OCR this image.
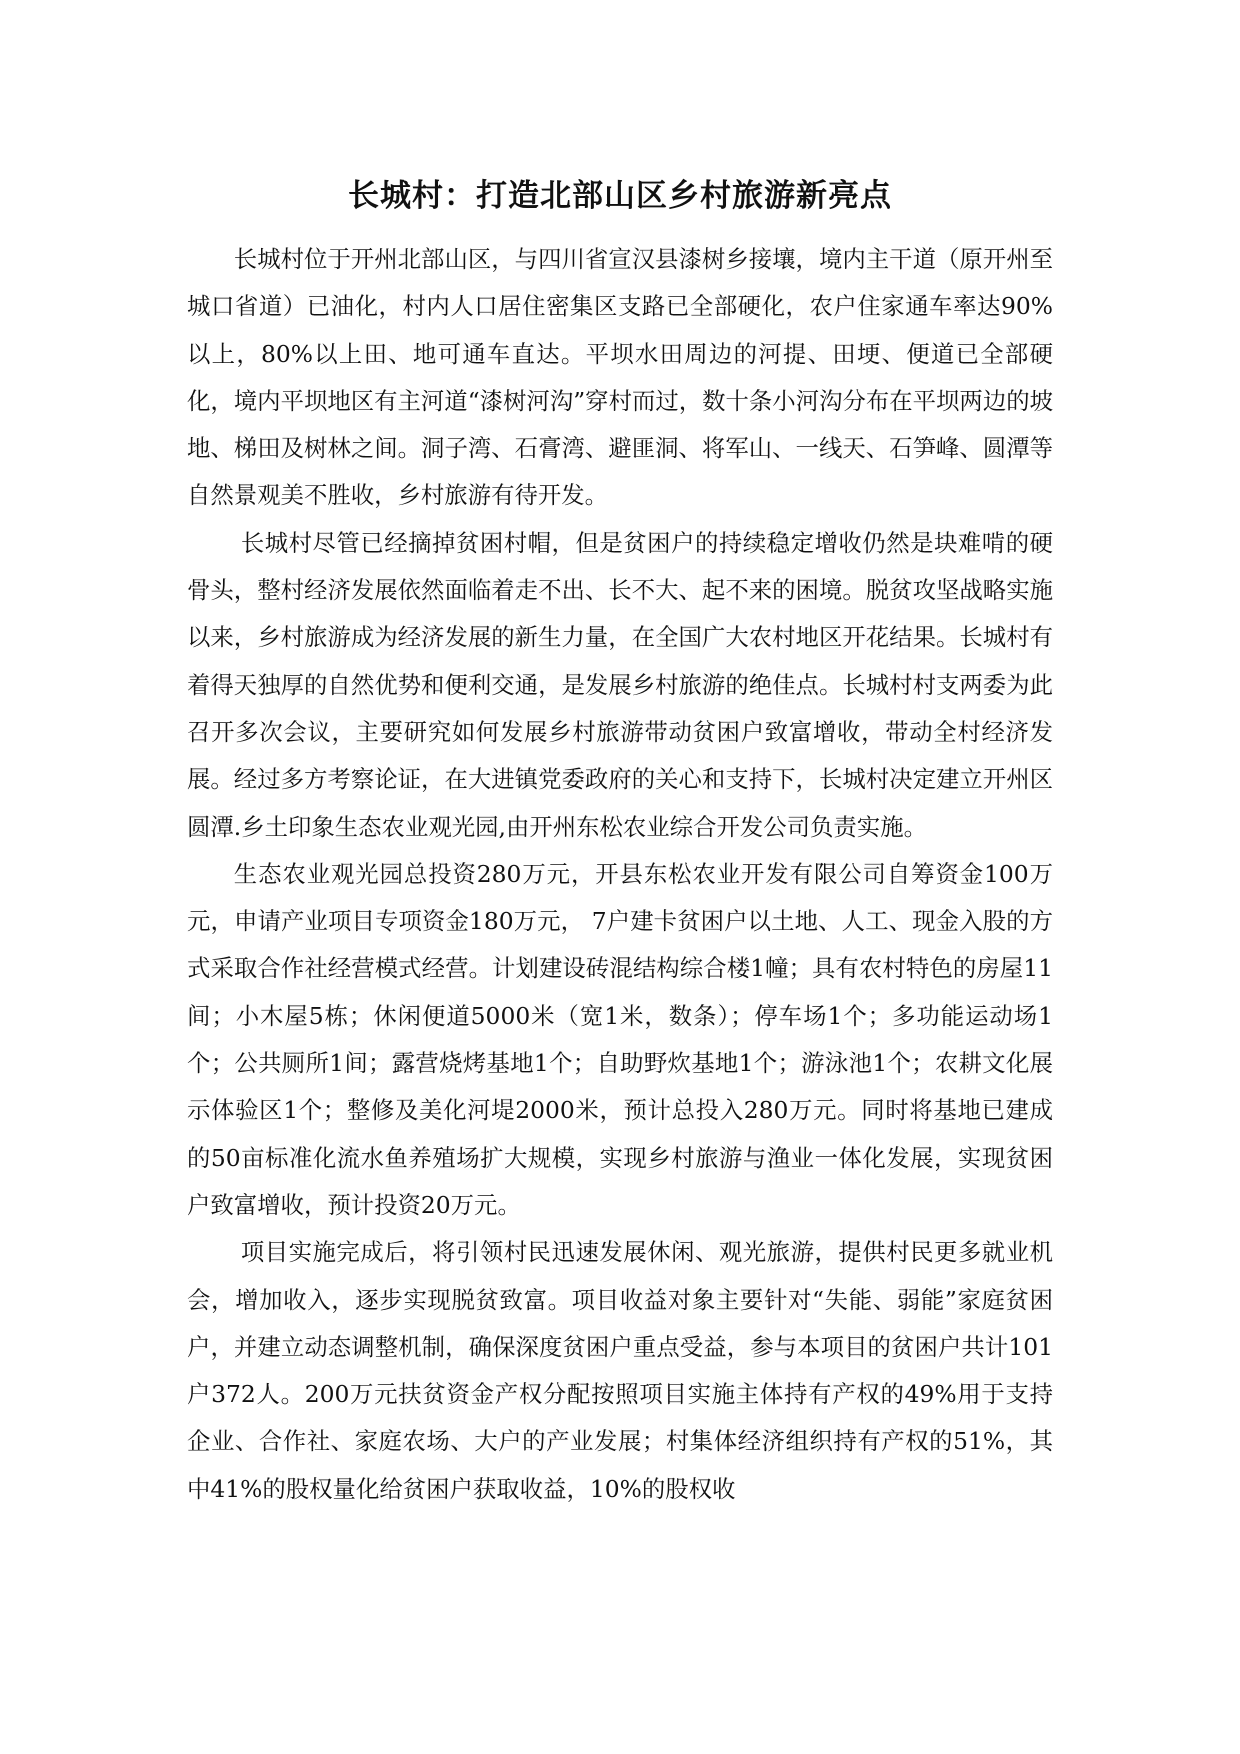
长城村：打造北部山区乡村旅游新亮点

长城村位于开州北部山区，与四川省宣汉县漆树乡接壤，境内主干道（原开州至城口省道）已油化，村内人口居住密集区支路已全部硬化，农户住家通车率达90%以上，80%以上田、地可通车直达。平坝水田周边的河提、田埂、便道已全部硬化，境内平坝地区有主河道“漆树河沟”穿村而过，数十条小河沟分布在平坝两边的坡地、梯田及树林之间。洞子湾、石膏湾、避匪洞、将军山、一线天、石笋峰、圆潭等自然景观美不胜收，乡村旅游有待开发。

长城村尽管已经摘掉贫困村帽，但是贫困户的持续稳定增收仍然是块难啃的硬骨头，整村经济发展依然面临着走不出、长不大、起不来的困境。脱贫攻坚战略实施以来，乡村旅游成为经济发展的新生力量，在全国广大农村地区开花结果。长城村有着得天独厚的自然优势和便利交通，是发展乡村旅游的绝佳点。长城村村支两委为此召开多次会议，主要研究如何发展乡村旅游带动贫困户致富增收，带动全村经济发展。经过多方考察论证，在大进镇党委政府的关心和支持下，长城村决定建立开州区圆潭.乡土印象生态农业观光园,由开州东松农业综合开发公司负责实施。

生态农业观光园总投资280万元，开县东松农业开发有限公司自筹资金100万元，申请产业项目专项资金180万元， 7户建卡贫困户以土地、人工、现金入股的方式采取合作社经营模式经营。计划建设砖混结构综合楼1幢；具有农村特色的房屋11间；小木屋5栋；休闲便道5000米（宽1米，数条）；停车场1个；多功能运动场1个；公共厕所1间；露营烧烤基地1个；自助野炊基地1个；游泳池1个；农耕文化展示体验区1个；整修及美化河堤2000米，预计总投入280万元。同时将基地已建成的50亩标准化流水鱼养殖场扩大规模，实现乡村旅游与渔业一体化发展，实现贫困户致富增收，预计投资20万元。

项目实施完成后，将引领村民迅速发展休闲、观光旅游，提供村民更多就业机会，增加收入，逐步实现脱贫致富。项目收益对象主要针对“失能、弱能”家庭贫困户，并建立动态调整机制，确保深度贫困户重点受益，参与本项目的贫困户共计101户372人。200万元扶贫资金产权分配按照项目实施主体持有产权的49%用于支持企业、合作社、家庭农场、大户的产业发展；村集体经济组织持有产权的51%，其中41%的股权量化给贫困户获取收益，10%的股权收
